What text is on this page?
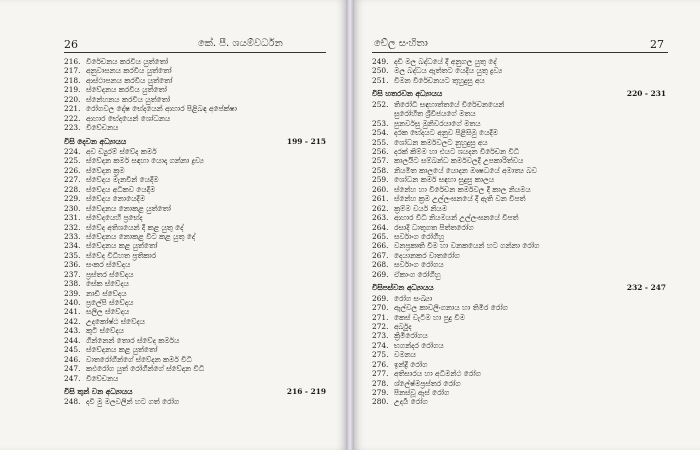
26	කේ. පී. ශයම්වර්ධන
216. විරේචනය කරවිය යුත්තෝ
217. අනුවාසනය කරවිය යුත්තෝ
218. ආස්ථාපනය කරවිය යුත්තෝ
219. ස්වේදනය කරවිය යුත්තෝ
220. ස්නේහනය කරවිය යුත්තෝ
221. රෝගවල දෝෂ භේදයෙන් ආහාර පිළිබඳ අපේක්ෂා
222. ආහාර භේදයෙන් ශෝධනය
223. විවේචනය
විසි දෙවන අධ්‍යායය	199 - 215
224. අව ඩ්‍යුරම් ස්වේද කර්ම
225. ස්වේදන කර්ම සඳහා යොදා ගන්නා ද්‍රව්‍ය
226. ස්වේදන ක්‍රම
227. ස්වේදය මැනවින් යෙදීම
228. ස්වේදය අධිකව යෙදීම
229. ස්වේදය නොයෙදීම
230. ස්වේදනය නොකළ යුත්තෝ
231. ස්වේදයෙහි ප්‍රභේද
232. ස්වේද අතිශයෙන් දී කළ යුතු දේ
233. ස්වේදනය නොකළ විට කළ යුතු දේ
234. ස්වේදනය කළ යුත්තෝ
235. ස්වේද විධිහත ප්‍රතිකාර
236. සංකර ස්වේදය
237. ප්‍රස්තර ස්වේදය
238. සේක ස්වේදය
239. නාඩි ස්වේදය
240. ප්‍රලේපි ස්වේදය
241. සලිල ස්වේදය
242. උදකෝෂ්ඨ ස්වේදය
243. කුටි ස්වේදය
244. ගින්නෙන් තොර ස්වේද කර්මය
245. ස්වේදනය කළ යුත්තෝ
246. වාතරෝගීන්ගේ ස්වේදන කර්ම විධි
247. කඵරෝග යුත් රෝගීන්ගේ ස්වේදන විධි
247. විවේචනය
විසි තුන් වන අධ්‍යායය	216 - 219
248. දවි මු මලවලින් හට ගත් රෝග
චේල සංහිතා	27
249. දඩි මල බද්ධයේ දී අනුගල යුතු දේ
250. මල බද්ධය ඇත්තට යෙදිය යුතු ද්‍රව්‍ය
251. විමන විරේචනයට තුහුදුසු අය
විසි හතරවන අධ්‍යායය	220 - 231
252. තිරෝධි සඳහාත්තයේ විරේචනයෙන්
සුරෝහිත ශ්‍රීවිජයගේ මතය
253. පුනර්වසු මුනිවරයාගේ මතය
254. දරක භේදයට අනුව පිළිසිමු යෙදීම
255. ශෝධන කර්මවලට නුහුදුසු අය
256. දරක් කිම්ම හා එයට ශයදන විරේචන විධි
257. කාලයිට සම්බන්ධ කර්මවලදී උපකාරිත්වය
258. නියමිත කාලයේ යොදන ඖෂධයේ අමාත්‍ය බව
259. ශෝධන කර්ම සඳහා සුදුසු කාලය
260. ස්නේහ හා විරේචන කර්මවල දී කාල නියමය
261. ස්නේහ ක්‍රම උල්ලංඝනයේ දී ඇති වන විපත්
262. ක්‍රම්ම වර්ය නියම
263. ආහාර විධි නියමයන් උල්ලංඝනයේ විපත්
264. රසාදි ධාතූගත පිත්තරෝග
265. සර්වාංග රෝගීහු
266. වනප්‍රකෘති විම හා වනකයෙන් හට ගන්නා රෝග
267. දෙයානකර වාතරෝග
268. සර්වාංග රෝගය
269. ඒකාංග රෝගීහු
විසිපස්වන අධ්‍යායය	232 - 247
269. රෝග සංඛ්‍යා
270. ඇල්වල කාවලිංගනාය හා තිමිර රෝග
271. කෙස් වැටීම හා පුදු වීම
272. අර්බුද
273. ක්‍රිමිරෝගය
274. භගන්දර රෝගය
275. වමනය
276. ඉන්ද්‍රි රෝග
277. අතිසාරය හා අධිමන්ථ රෝග
278. ශ්ලේෂ්මප්‍රස්තර රෝග
279. පිනස්වූ ඇස් රෝග
280. උදර්‍ය රෝග
